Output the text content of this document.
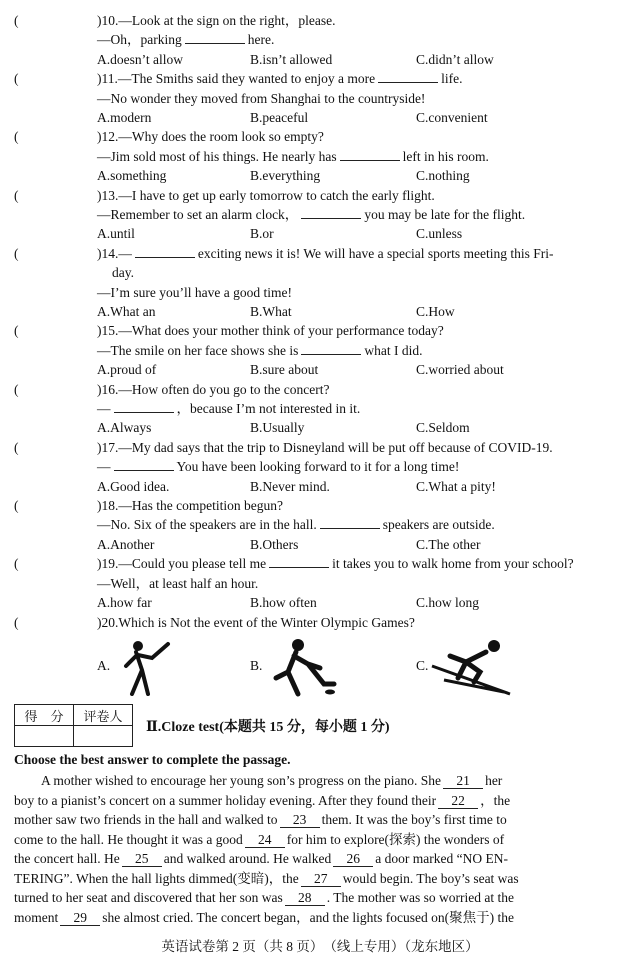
(	)10.—Look at the sign on the right，please.
—Oh，parking	here.
A.doesn’t allow	B.isn’t allowed	C.didn’t allow
(	)11.—The Smiths said they wanted to enjoy a more	life.
—No wonder they moved from Shanghai to the countryside!
A.modern	B.peaceful	C.convenient
(	)12.—Why does the room look so empty?
—Jim sold most of his things. He nearly has	left in his room.
A.something	B.everything	C.nothing
(	)13.—I have to get up early tomorrow to catch the early flight.
—Remember to set an alarm clock，	you may be late for the flight.
A.until	B.or	C.unless
(	)14.—	exciting news it is! We will have a special sports meeting this Fri-
day.
—I’m sure you’ll have a good time!
A.What an	B.What	C.How
(	)15.—What does your mother think of your performance today?
—The smile on her face shows she is	what I did.
A.proud of	B.sure about	C.worried about
(	)16.—How often do you go to the concert?
—	，because I’m not interested in it.
A.Always	B.Usually	C.Seldom
(	)17.—My dad says that the trip to Disneyland will be put off because of COVID-19.
—	You have been looking forward to it for a long time!
A.Good idea.	B.Never mind.	C.What a pity!
(	)18.—Has the competition begun?
—No. Six of the speakers are in the hall.	speakers are outside.
A.Another	B.Others	C.The other
(	)19.—Could you please tell me	it takes you to walk home from your school?
—Well，at least half an hour.
A.how far	B.how often	C.how long
(	)20.Which is Not the event of the Winter Olympic Games?
A.	B.	C.
得　分	评卷人

Ⅱ.Cloze test(本题共 15 分，每小题 1 分)
Choose the best answer to complete the passage.
　　A mother wished to encourage her young son’s progress on the piano. She 21 her
boy to a pianist’s concert on a summer holiday evening. After they found their 22 ，the
mother saw two friends in the hall and walked to 23 them. It was the boy’s first time to
come to the hall. He thought it was a good 24 for him to explore(探索) the wonders of
the concert hall. He 25 and walked around. He walked 26 a door marked “NO EN-
TERING”. When the hall lights dimmed(变暗)，the 27 would begin. The boy’s seat was
turned to her seat and discovered that her son was 28 . The mother was so worried at the
moment 29 she almost cried. The concert began，and the lights focused on(聚焦于) the
英语试卷第 2 页（共 8 页）　（线上专用）（龙东地区）
